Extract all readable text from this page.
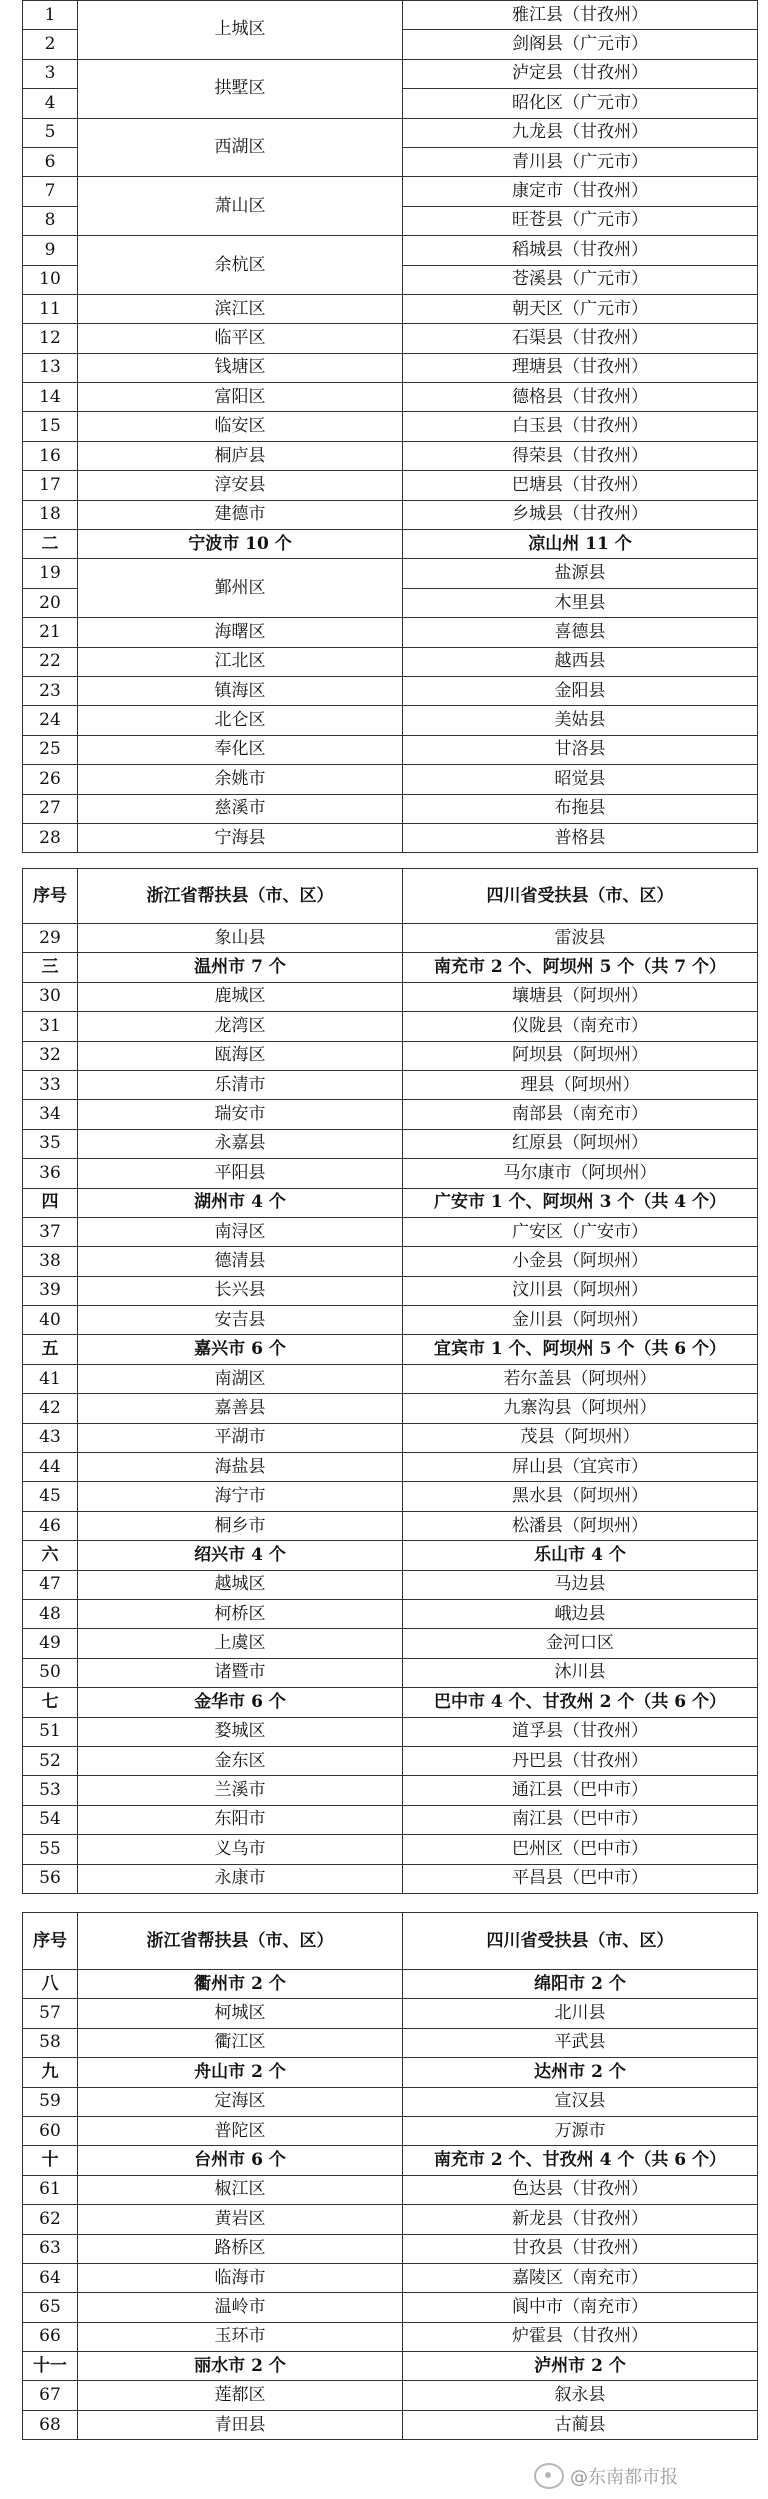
1	上城区	雅江县（甘孜州）
2		剑阁县（广元市）
3	拱墅区	泸定县（甘孜州）
4		昭化区（广元市）
5	西湖区	九龙县（甘孜州）
6		青川县（广元市）
7	萧山区	康定市（甘孜州）
8		旺苍县（广元市）
9	余杭区	稻城县（甘孜州）
10		苍溪县（广元市）
11	滨江区	朝天区（广元市）
12	临平区	石渠县（甘孜州）
13	钱塘区	理塘县（甘孜州）
14	富阳区	德格县（甘孜州）
15	临安区	白玉县（甘孜州）
16	桐庐县	得荣县（甘孜州）
17	淳安县	巴塘县（甘孜州）
18	建德市	乡城县（甘孜州）
二	宁波市 10 个	凉山州 11 个
19	鄞州区	盐源县
20		木里县
21	海曙区	喜德县
22	江北区	越西县
23	镇海区	金阳县
24	北仑区	美姑县
25	奉化区	甘洛县
26	余姚市	昭觉县
27	慈溪市	布拖县
28	宁海县	普格县
序号	浙江省帮扶县（市、区）	四川省受扶县（市、区）
29	象山县	雷波县
三	温州市 7 个	南充市 2 个、阿坝州 5 个（共 7 个）
30	鹿城区	壤塘县（阿坝州）
31	龙湾区	仪陇县（南充市）
32	瓯海区	阿坝县（阿坝州）
33	乐清市	理县（阿坝州）
34	瑞安市	南部县（南充市）
35	永嘉县	红原县（阿坝州）
36	平阳县	马尔康市（阿坝州）
四	湖州市 4 个	广安市 1 个、阿坝州 3 个（共 4 个）
37	南浔区	广安区（广安市）
38	德清县	小金县（阿坝州）
39	长兴县	汶川县（阿坝州）
40	安吉县	金川县（阿坝州）
五	嘉兴市 6 个	宜宾市 1 个、阿坝州 5 个（共 6 个）
41	南湖区	若尔盖县（阿坝州）
42	嘉善县	九寨沟县（阿坝州）
43	平湖市	茂县（阿坝州）
44	海盐县	屏山县（宜宾市）
45	海宁市	黑水县（阿坝州）
46	桐乡市	松潘县（阿坝州）
六	绍兴市 4 个	乐山市 4 个
47	越城区	马边县
48	柯桥区	峨边县
49	上虞区	金河口区
50	诸暨市	沐川县
七	金华市 6 个	巴中市 4 个、甘孜州 2 个（共 6 个）
51	婺城区	道孚县（甘孜州）
52	金东区	丹巴县（甘孜州）
53	兰溪市	通江县（巴中市）
54	东阳市	南江县（巴中市）
55	义乌市	巴州区（巴中市）
56	永康市	平昌县（巴中市）
序号	浙江省帮扶县（市、区）	四川省受扶县（市、区）
八	衢州市 2 个	绵阳市 2 个
57	柯城区	北川县
58	衢江区	平武县
九	舟山市 2 个	达州市 2 个
59	定海区	宣汉县
60	普陀区	万源市
十	台州市 6 个	南充市 2 个、甘孜州 4 个（共 6 个）
61	椒江区	色达县（甘孜州）
62	黄岩区	新龙县（甘孜州）
63	路桥区	甘孜县（甘孜州）
64	临海市	嘉陵区（南充市）
65	温岭市	阆中市（南充市）
66	玉环市	炉霍县（甘孜州）
十一	丽水市 2 个	泸州市 2 个
67	莲都区	叙永县
68	青田县	古蔺县
@东南都市报
